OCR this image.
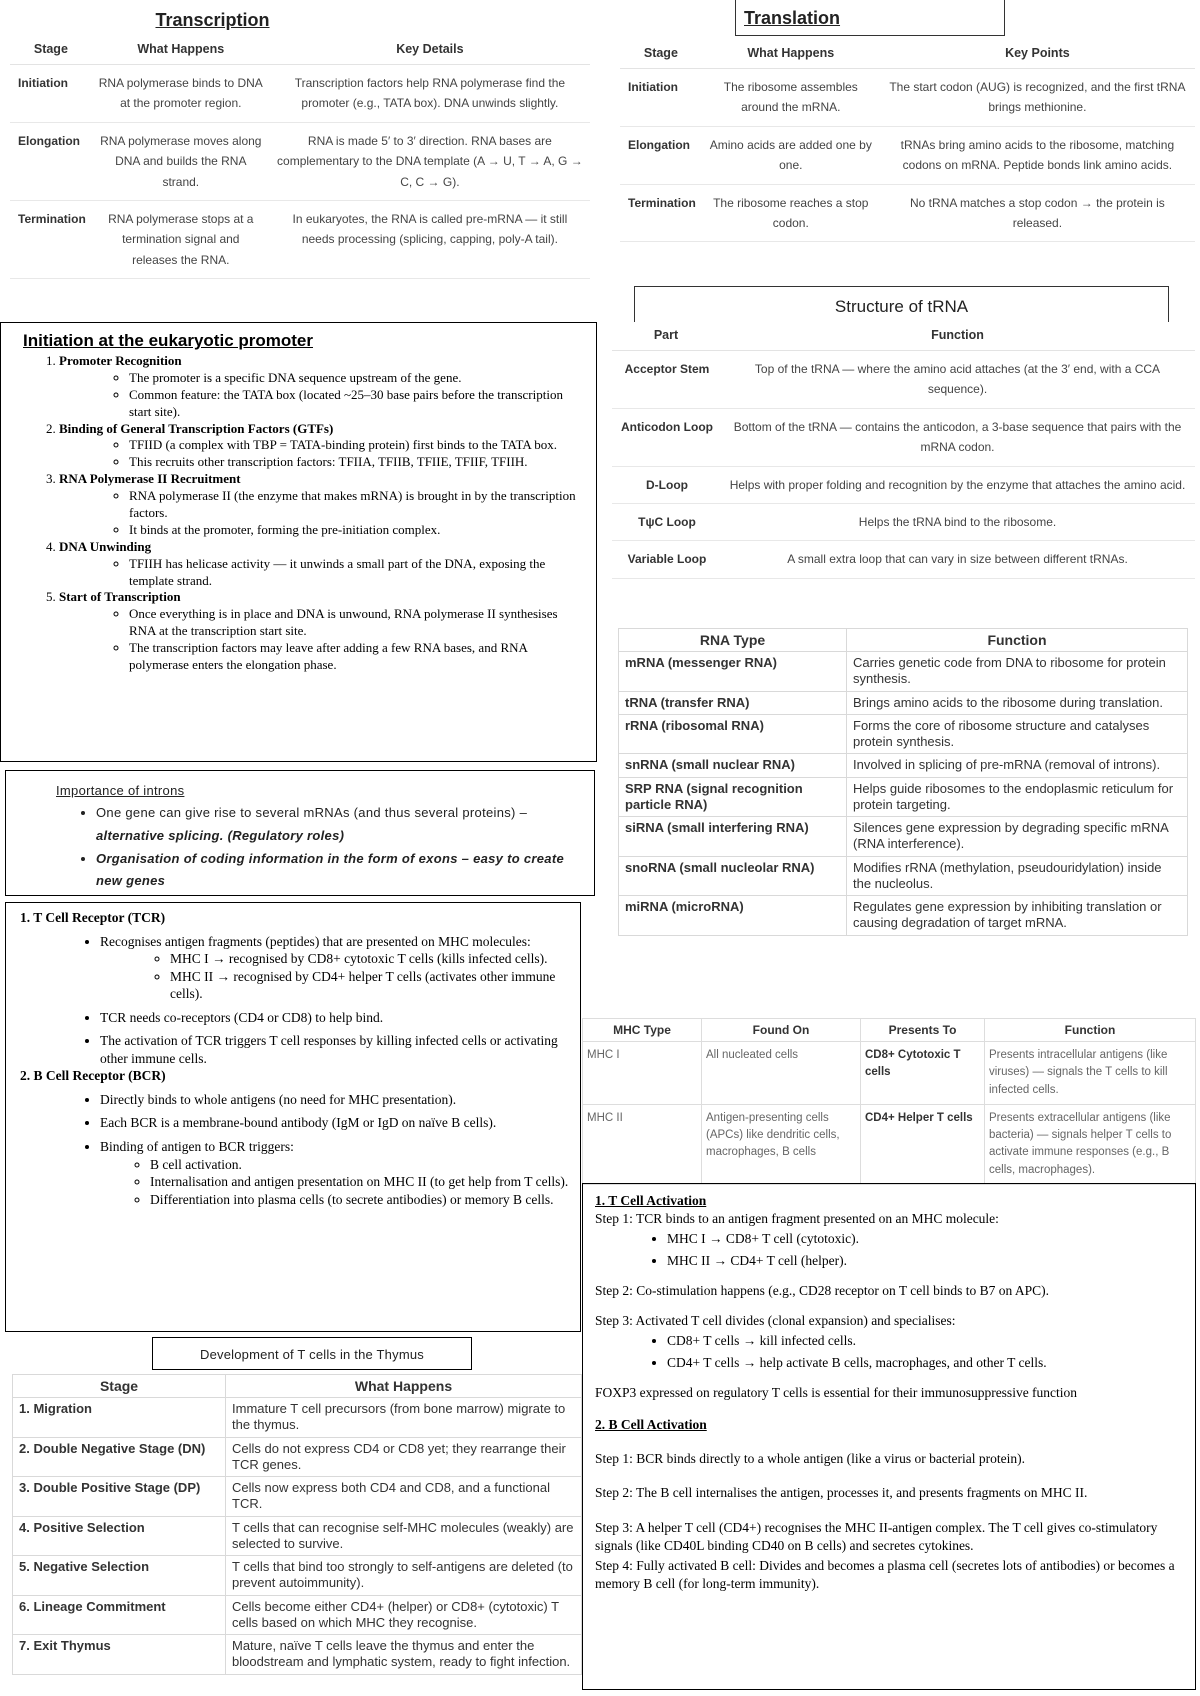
Transcription
Stage	What Happens	Key Details
Initiation	RNA polymerase binds to DNA at the promoter region.	Transcription factors help RNA polymerase find the promoter (e.g., TATA box). DNA unwinds slightly.
Elongation	RNA polymerase moves along DNA and builds the RNA strand.	RNA is made 5′ to 3′ direction. RNA bases are complementary to the DNA template (A → U, T → A, G → C, C → G).
Termination	RNA polymerase stops at a termination signal and releases the RNA.	In eukaryotes, the RNA is called pre-mRNA — it still needs processing (splicing, capping, poly-A tail).
Translation
Stage	What Happens	Key Points
Initiation	The ribosome assembles around the mRNA.	The start codon (AUG) is recognized, and the first tRNA brings methionine.
Elongation	Amino acids are added one by one.	tRNAs bring amino acids to the ribosome, matching codons on mRNA. Peptide bonds link amino acids.
Termination	The ribosome reaches a stop codon.	No tRNA matches a stop codon → the protein is released.
Structure of tRNA
Part	Function
Acceptor Stem	Top of the tRNA — where the amino acid attaches (at the 3′ end, with a CCA sequence).
Anticodon Loop	Bottom of the tRNA — contains the anticodon, a 3-base sequence that pairs with the mRNA codon.
D-Loop	Helps with proper folding and recognition by the enzyme that attaches the amino acid.
TψC Loop	Helps the tRNA bind to the ribosome.
Variable Loop	A small extra loop that can vary in size between different tRNAs.
RNA Type	Function
mRNA (messenger RNA)	Carries genetic code from DNA to ribosome for protein synthesis.
tRNA (transfer RNA)	Brings amino acids to the ribosome during translation.
rRNA (ribosomal RNA)	Forms the core of ribosome structure and catalyses protein synthesis.
snRNA (small nuclear RNA)	Involved in splicing of pre-mRNA (removal of introns).
SRP RNA (signal recognition particle RNA)	Helps guide ribosomes to the endoplasmic reticulum for protein targeting.
siRNA (small interfering RNA)	Silences gene expression by degrading specific mRNA (RNA interference).
snoRNA (small nucleolar RNA)	Modifies rRNA (methylation, pseudouridylation) inside the nucleolus.
miRNA (microRNA)	Regulates gene expression by inhibiting translation or causing degradation of target mRNA.
MHC Type	Found On	Presents To	Function
MHC I	All nucleated cells	CD8+ Cytotoxic T cells	Presents intracellular antigens (like viruses) — signals the T cells to kill infected cells.
MHC II	Antigen-presenting cells (APCs) like dendritic cells, macrophages, B cells	CD4+ Helper T cells	Presents extracellular antigens (like bacteria) — signals helper T cells to activate immune responses (e.g., B cells, macrophages).
Initiation at the eukaryotic promoter
1. Promoter Recognition
◦ The promoter is a specific DNA sequence upstream of the gene.
◦ Common feature: the TATA box (located ~25–30 base pairs before the transcription start site).
2. Binding of General Transcription Factors (GTFs)
◦ TFIID (a complex with TBP = TATA-binding protein) first binds to the TATA box.
◦ This recruits other transcription factors: TFIIA, TFIIB, TFIIE, TFIIF, TFIIH.
3. RNA Polymerase II Recruitment
◦ RNA polymerase II (the enzyme that makes mRNA) is brought in by the transcription factors.
◦ It binds at the promoter, forming the pre-initiation complex.
4. DNA Unwinding
◦ TFIIH has helicase activity — it unwinds a small part of the DNA, exposing the template strand.
5. Start of Transcription
◦ Once everything is in place and DNA is unwound, RNA polymerase II synthesises RNA at the transcription start site.
◦ The transcription factors may leave after adding a few RNA bases, and RNA polymerase enters the elongation phase.
Importance of introns
• One gene can give rise to several mRNAs (and thus several proteins) –
alternative splicing. (Regulatory roles)
• Organisation of coding information in the form of exons – easy to create new genes
1. T Cell Receptor (TCR)
• Recognises antigen fragments (peptides) that are presented on MHC molecules:
◦ MHC I → recognised by CD8+ cytotoxic T cells (kills infected cells).
◦ MHC II → recognised by CD4+ helper T cells (activates other immune cells).
• TCR needs co-receptors (CD4 or CD8) to help bind.
• The activation of TCR triggers T cell responses by killing infected cells or activating other immune cells.
2. B Cell Receptor (BCR)
• Directly binds to whole antigens (no need for MHC presentation).
• Each BCR is a membrane-bound antibody (IgM or IgD on naïve B cells).
• Binding of antigen to BCR triggers:
◦ B cell activation.
◦ Internalisation and antigen presentation on MHC II (to get help from T cells).
◦ Differentiation into plasma cells (to secrete antibodies) or memory B cells.
Development of T cells in the Thymus
Stage	What Happens
1. Migration	Immature T cell precursors (from bone marrow) migrate to the thymus.
2. Double Negative Stage (DN)	Cells do not express CD4 or CD8 yet; they rearrange their TCR genes.
3. Double Positive Stage (DP)	Cells now express both CD4 and CD8, and a functional TCR.
4. Positive Selection	T cells that can recognise self-MHC molecules (weakly) are selected to survive.
5. Negative Selection	T cells that bind too strongly to self-antigens are deleted (to prevent autoimmunity).
6. Lineage Commitment	Cells become either CD4+ (helper) or CD8+ (cytotoxic) T cells based on which MHC they recognise.
7. Exit Thymus	Mature, naïve T cells leave the thymus and enter the bloodstream and lymphatic system, ready to fight infection.
1. T Cell Activation
Step 1: TCR binds to an antigen fragment presented on an MHC molecule:
• MHC I → CD8+ T cell (cytotoxic).
• MHC II → CD4+ T cell (helper).
Step 2: Co-stimulation happens (e.g., CD28 receptor on T cell binds to B7 on APC).
Step 3: Activated T cell divides (clonal expansion) and specialises:
• CD8+ T cells → kill infected cells.
• CD4+ T cells → help activate B cells, macrophages, and other T cells.
FOXP3 expressed on regulatory T cells is essential for their immunosuppressive function
2. B Cell Activation
Step 1: BCR binds directly to a whole antigen (like a virus or bacterial protein).
Step 2: The B cell internalises the antigen, processes it, and presents fragments on MHC II.
Step 3: A helper T cell (CD4+) recognises the MHC II-antigen complex. The T cell gives co-stimulatory signals (like CD40L binding CD40 on B cells) and secretes cytokines.
Step 4: Fully activated B cell: Divides and becomes a plasma cell (secretes lots of antibodies) or becomes a memory B cell (for long-term immunity).
